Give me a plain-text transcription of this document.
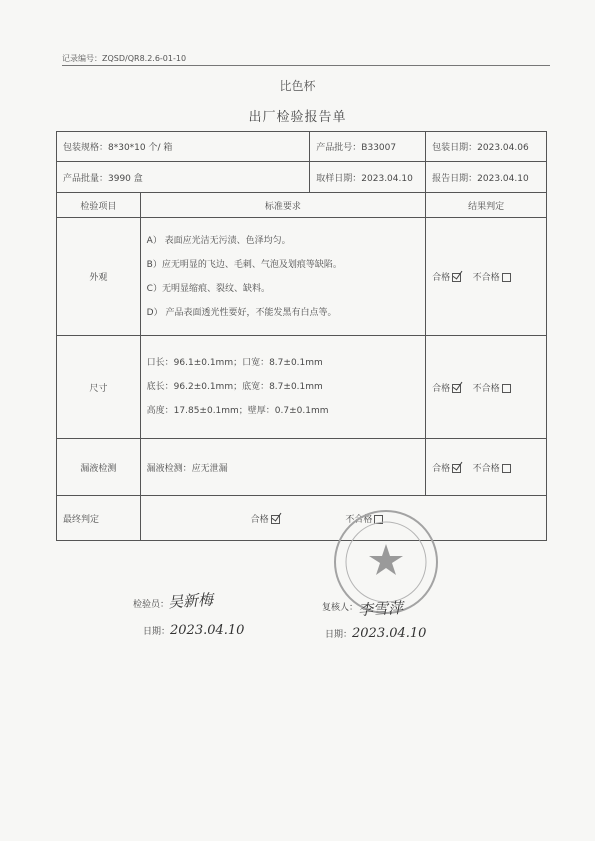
记录编号：ZQSD/QR8.2.6-01-10
比色杯
出厂检验报告单
包装规格：8*30*10 个/ 箱		产品批号：B33007	包装日期：2023.04.06
产品批量：3990 盒		取样日期：2023.04.10	报告日期：2023.04.10
检验项目	标准要求		结果判定
外观	A） 表面应光洁无污渍、色泽均匀。
B）应无明显的飞边、毛刺、气泡及划痕等缺陷。
C）无明显缩痕、裂纹、缺料。
D） 产品表面透光性要好，不能发黑有白点等。		合格 不合格
尺寸	口长：96.1±0.1mm；口宽：8.7±0.1mm
底长：96.2±0.1mm；底宽：8.7±0.1mm
高度：17.85±0.1mm；壁厚：0.7±0.1mm		合格 不合格
漏液检测	漏液检测：应无泄漏		合格 不合格
最终判定	合格 不合格		
检验员：
吴新梅
日期： 2023.04.10
复核人： 李雪萍
日期： 2023.04.10
